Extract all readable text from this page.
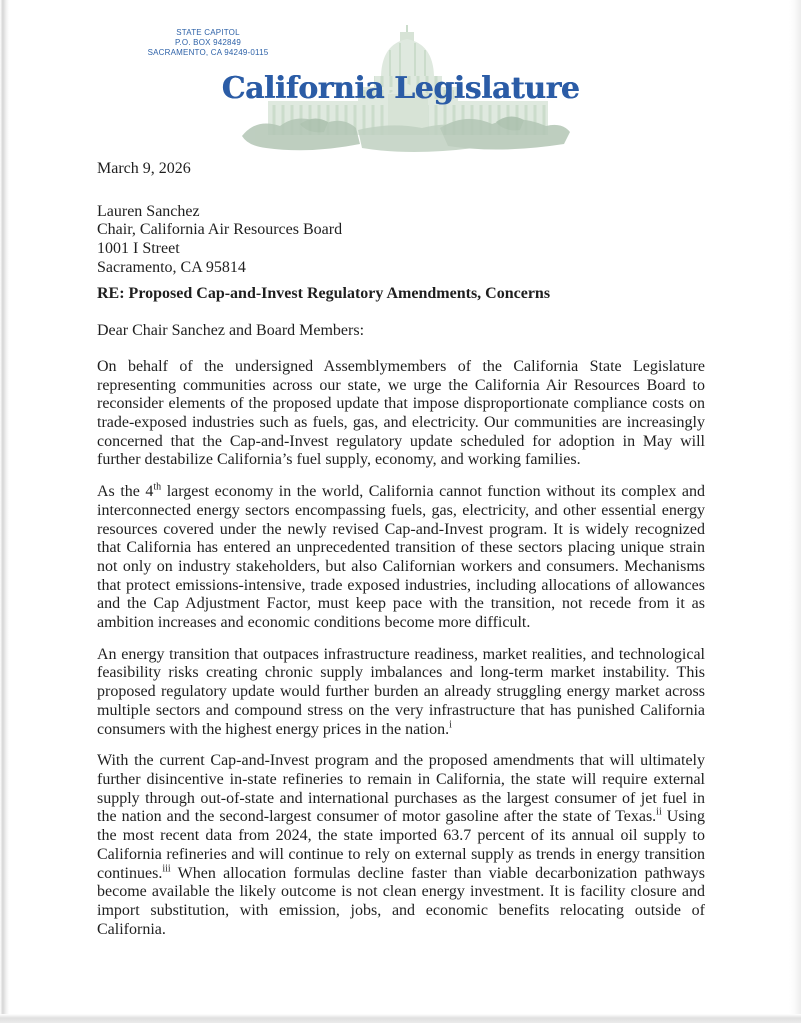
STATE CAPITOL
P.O. BOX 942849
SACRAMENTO, CA 94249-0115
California Legislature
March 9, 2026
Lauren Sanchez
Chair, California Air Resources Board
1001 I Street
Sacramento, CA 95814
RE: Proposed Cap-and-Invest Regulatory Amendments, Concerns
Dear Chair Sanchez and Board Members:

On behalf of the undersigned Assemblymembers of the California State Legislature representing communities across our state, we urge the California Air Resources Board to reconsider elements of the proposed update that impose disproportionate compliance costs on trade-exposed industries such as fuels, gas, and electricity. Our communities are increasingly concerned that the Cap-and-Invest regulatory update scheduled for adoption in May will further destabilize California’s fuel supply, economy, and working families.

As the 4th largest economy in the world, California cannot function without its complex and interconnected energy sectors encompassing fuels, gas, electricity, and other essential energy resources covered under the newly revised Cap-and-Invest program. It is widely recognized that California has entered an unprecedented transition of these sectors placing unique strain not only on industry stakeholders, but also Californian workers and consumers. Mechanisms that protect emissions-intensive, trade exposed industries, including allocations of allowances and the Cap Adjustment Factor, must keep pace with the transition, not recede from it as ambition increases and economic conditions become more difficult.

An energy transition that outpaces infrastructure readiness, market realities, and technological feasibility risks creating chronic supply imbalances and long-term market instability. This proposed regulatory update would further burden an already struggling energy market across multiple sectors and compound stress on the very infrastructure that has punished California consumers with the highest energy prices in the nation.$^i$

With the current Cap-and-Invest program and the proposed amendments that will ultimately further disincentive in-state refineries to remain in California, the state will require external supply through out-of-state and international purchases as the largest consumer of jet fuel in the nation and the second-largest consumer of motor gasoline after the state of Texas.$^{ii}$ Using the most recent data from 2024, the state imported 63.7 percent of its annual oil supply to California refineries and will continue to rely on external supply as trends in energy transition continues.$^{iii}$ When allocation formulas decline faster than viable decarbonization pathways become available the likely outcome is not clean energy investment. It is facility closure and import substitution, with emission, jobs, and economic benefits relocating outside of California.
